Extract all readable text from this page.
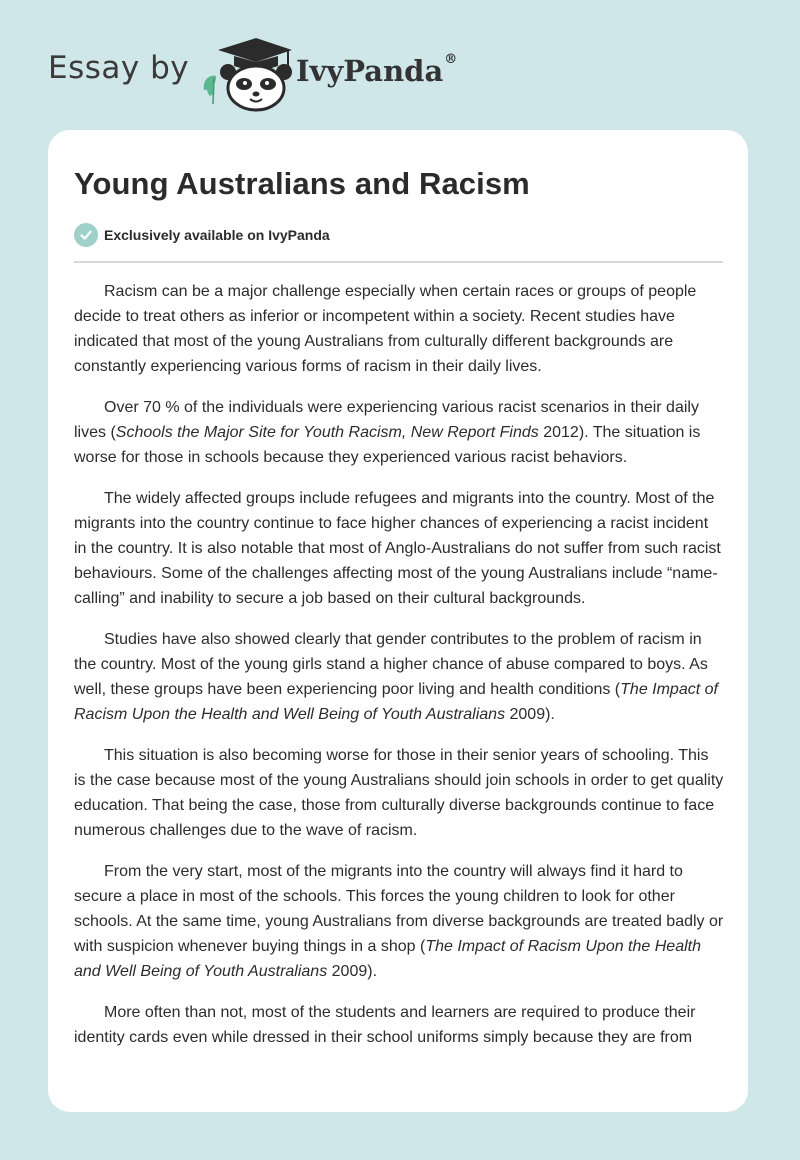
Essay by	IvyPanda®
Young Australians and Racism
Exclusively available on IvyPanda

Racism can be a major challenge especially when certain races or groups of people decide to treat others as inferior or incompetent within a society. Recent studies have indicated that most of the young Australians from culturally different backgrounds are constantly experiencing various forms of racism in their daily lives.

Over 70 % of the individuals were experiencing various racist scenarios in their daily lives (Schools the Major Site for Youth Racism, New Report Finds 2012). The situation is worse for those in schools because they experienced various racist behaviors.

The widely affected groups include refugees and migrants into the country. Most of the migrants into the country continue to face higher chances of experiencing a racist incident in the country. It is also notable that most of Anglo-Australians do not suffer from such racist behaviours. Some of the challenges affecting most of the young Australians include “name-calling” and inability to secure a job based on their cultural backgrounds.

Studies have also showed clearly that gender contributes to the problem of racism in the country. Most of the young girls stand a higher chance of abuse compared to boys. As well, these groups have been experiencing poor living and health conditions (The Impact of Racism Upon the Health and Well Being of Youth Australians 2009).

This situation is also becoming worse for those in their senior years of schooling. This is the case because most of the young Australians should join schools in order to get quality education. That being the case, those from culturally diverse backgrounds continue to face numerous challenges due to the wave of racism.

From the very start, most of the migrants into the country will always find it hard to secure a place in most of the schools. This forces the young children to look for other schools. At the same time, young Australians from diverse backgrounds are treated badly or with suspicion whenever buying things in a shop (The Impact of Racism Upon the Health and Well Being of Youth Australians 2009).

More often than not, most of the students and learners are required to produce their identity cards even while dressed in their school uniforms simply because they are from
